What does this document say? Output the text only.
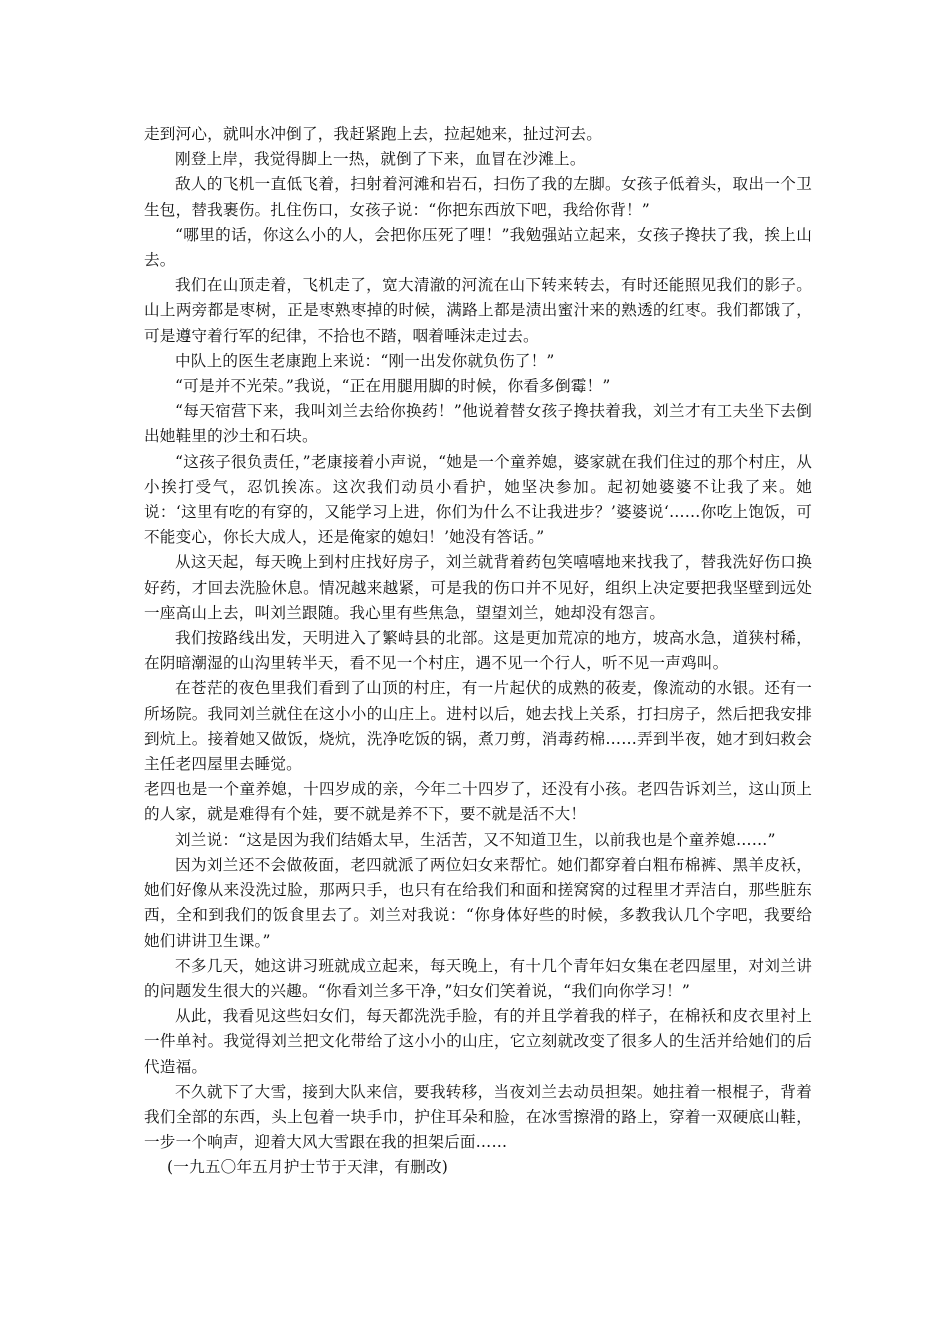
走到河心，就叫水冲倒了，我赶紧跑上去，拉起她来，扯过河去。

刚登上岸，我觉得脚上一热，就倒了下来，血冒在沙滩上。

敌人的飞机一直低飞着，扫射着河滩和岩石，扫伤了我的左脚。女孩子低着头，取出一个卫生包，替我裹伤。扎住伤口，女孩子说：“你把东西放下吧，我给你背！”

“哪里的话，你这么小的人，会把你压死了哩！”我勉强站立起来，女孩子搀扶了我，挨上山去。

我们在山顶走着，飞机走了，宽大清澈的河流在山下转来转去，有时还能照见我们的影子。山上两旁都是枣树，正是枣熟枣掉的时候，满路上都是渍出蜜汁来的熟透的红枣。我们都饿了，可是遵守着行军的纪律，不拾也不踏，咽着唾沫走过去。

中队上的医生老康跑上来说：“刚一出发你就负伤了！”

“可是并不光荣。”我说，“正在用腿用脚的时候，你看多倒霉！”

“每天宿营下来，我叫刘兰去给你换药！”他说着替女孩子搀扶着我，刘兰才有工夫坐下去倒出她鞋里的沙土和石块。

“这孩子很负责任，”老康接着小声说，“她是一个童养媳，婆家就在我们住过的那个村庄，从小挨打受气，忍饥挨冻。这次我们动员小看护，她坚决参加。起初她婆婆不让我了来。她说：‘这里有吃的有穿的，又能学习上进，你们为什么不让我进步？’婆婆说‘……你吃上饱饭，可不能变心，你长大成人，还是俺家的媳妇！’她没有答话。”

从这天起，每天晚上到村庄找好房子，刘兰就背着药包笑嘻嘻地来找我了，替我洗好伤口换好药，才回去洗脸休息。情况越来越紧，可是我的伤口并不见好，组织上决定要把我坚壁到远处一座高山上去，叫刘兰跟随。我心里有些焦急，望望刘兰，她却没有怨言。

我们按路线出发，天明进入了繁峙县的北部。这是更加荒凉的地方，坡高水急，道狭村稀，在阴暗潮湿的山沟里转半天，看不见一个村庄，遇不见一个行人，听不见一声鸡叫。

在苍茫的夜色里我们看到了山顶的村庄，有一片起伏的成熟的莜麦，像流动的水银。还有一所场院。我同刘兰就住在这小小的山庄上。进村以后，她去找上关系，打扫房子，然后把我安排到炕上。接着她又做饭，烧炕，洗净吃饭的锅，煮刀剪，消毒药棉……弄到半夜，她才到妇救会主任老四屋里去睡觉。

老四也是一个童养媳，十四岁成的亲，今年二十四岁了，还没有小孩。老四告诉刘兰，这山顶上的人家，就是难得有个娃，要不就是养不下，要不就是活不大！

刘兰说：“这是因为我们结婚太早，生活苦，又不知道卫生，以前我也是个童养媳……”

因为刘兰还不会做莜面，老四就派了两位妇女来帮忙。她们都穿着白粗布棉裤、黑羊皮袄，她们好像从来没洗过脸，那两只手，也只有在给我们和面和搓窝窝的过程里才弄洁白，那些脏东西，全和到我们的饭食里去了。刘兰对我说：“你身体好些的时候，多教我认几个字吧，我要给她们讲讲卫生课。”

不多几天，她这讲习班就成立起来，每天晚上，有十几个青年妇女集在老四屋里，对刘兰讲的问题发生很大的兴趣。“你看刘兰多干净，”妇女们笑着说，“我们向你学习！”

从此，我看见这些妇女们，每天都洗洗手脸，有的并且学着我的样子，在棉袄和皮衣里衬上一件单衬。我觉得刘兰把文化带给了这小小的山庄，它立刻就改变了很多人的生活并给她们的后代造福。

不久就下了大雪，接到大队来信，要我转移，当夜刘兰去动员担架。她拄着一根棍子，背着我们全部的东西，头上包着一块手巾，护住耳朵和脸，在冰雪擦滑的路上，穿着一双硬底山鞋，一步一个响声，迎着大风大雪跟在我的担架后面……

(一九五〇年五月护士节于天津，有删改)
